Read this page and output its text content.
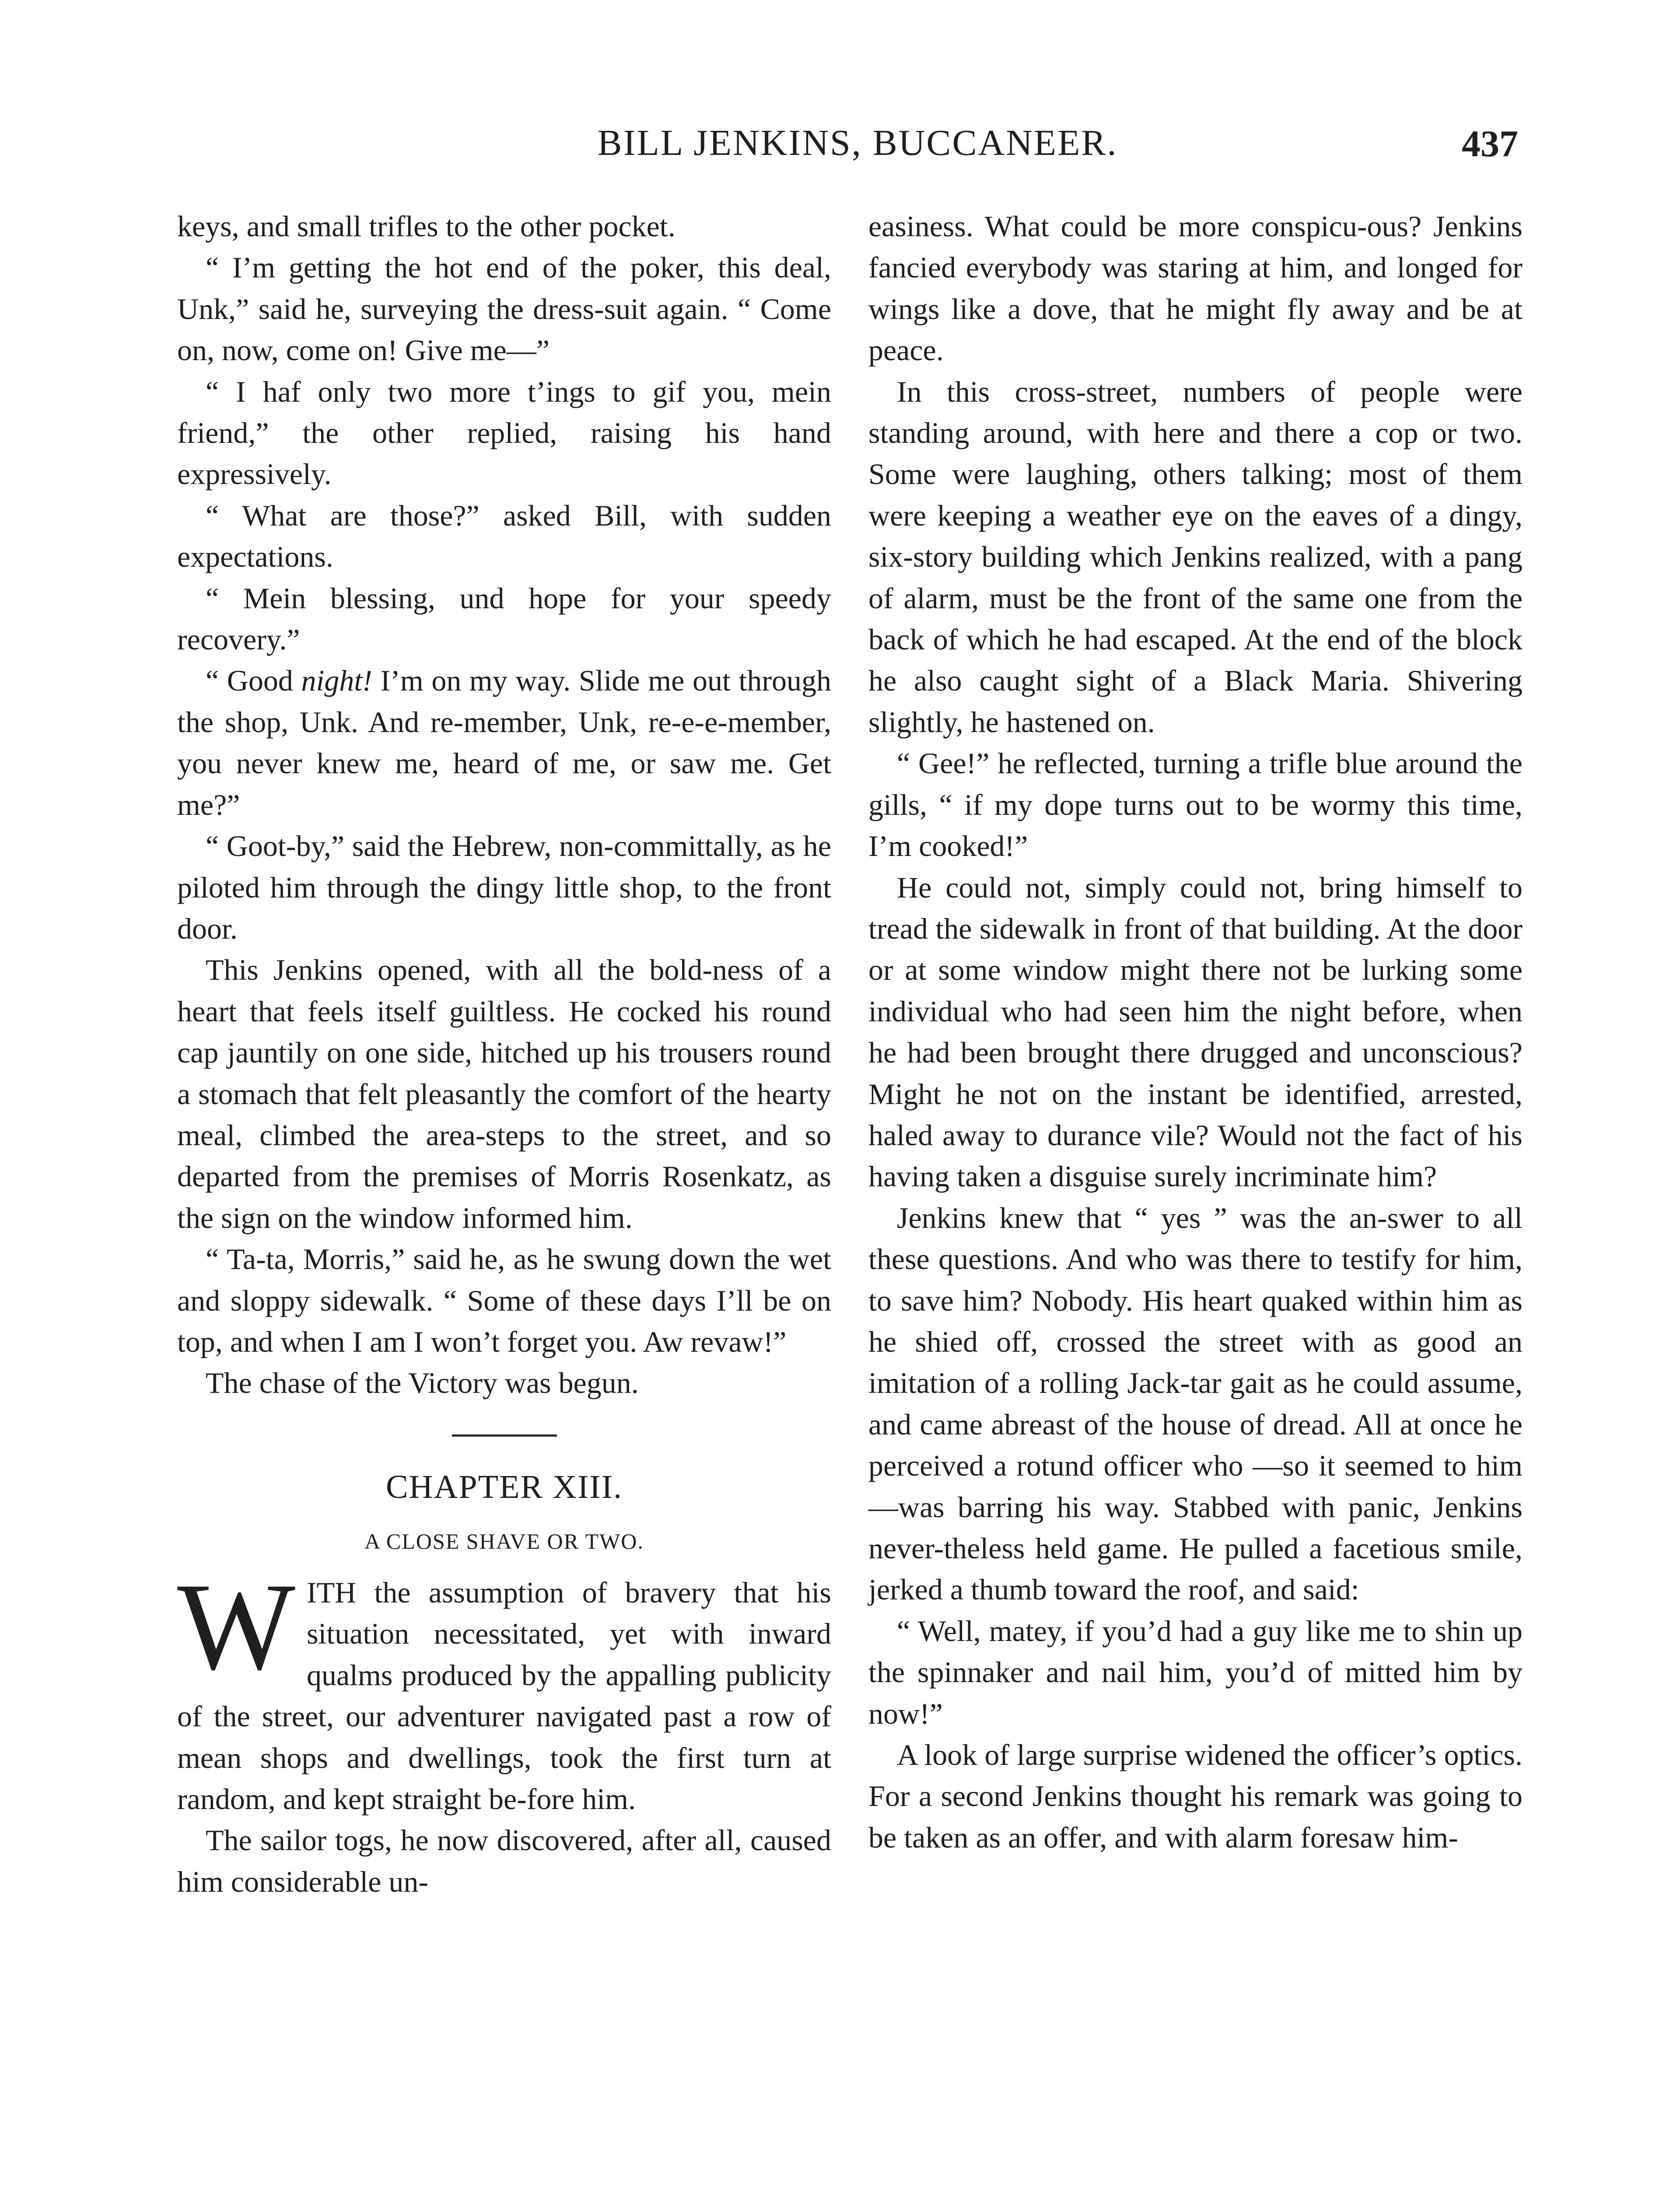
BILL JENKINS, BUCCANEER.	437

keys, and small trifles to the other pocket.

“ I’m getting the hot end of the poker, this deal, Unk,” said he, surveying the dress-suit again. “ Come on, now, come on! Give me—”

“ I haf only two more t’ings to gif you, mein friend,” the other replied, raising his hand expressively.

“ What are those?” asked Bill, with sudden expectations.

“ Mein blessing, und hope for your speedy recovery.”

“ Good night! I’m on my way. Slide me out through the shop, Unk. And re-member, Unk, re-e-e-member, you never knew me, heard of me, or saw me. Get me?”

“ Goot-by,” said the Hebrew, non-committally, as he piloted him through the dingy little shop, to the front door.

This Jenkins opened, with all the bold-ness of a heart that feels itself guiltless. He cocked his round cap jauntily on one side, hitched up his trousers round a stomach that felt pleasantly the comfort of the hearty meal, climbed the area-steps to the street, and so departed from the premises of Morris Rosenkatz, as the sign on the window informed him.

“ Ta-ta, Morris,” said he, as he swung down the wet and sloppy sidewalk. “ Some of these days I’ll be on top, and when I am I won’t forget you. Aw revaw!”

The chase of the Victory was begun.

CHAPTER XIII.
A CLOSE SHAVE OR TWO.

WITH the assumption of bravery that his situation necessitated, yet with inward qualms produced by the appalling publicity of the street, our adventurer navigated past a row of mean shops and dwellings, took the first turn at random, and kept straight be-fore him.

The sailor togs, he now discovered, after all, caused him considerable un-

easiness. What could be more conspicu-ous? Jenkins fancied everybody was staring at him, and longed for wings like a dove, that he might fly away and be at peace.

In this cross-street, numbers of people were standing around, with here and there a cop or two. Some were laughing, others talking; most of them were keeping a weather eye on the eaves of a dingy, six-story building which Jenkins realized, with a pang of alarm, must be the front of the same one from the back of which he had escaped. At the end of the block he also caught sight of a Black Maria. Shivering slightly, he hastened on.

“ Gee!” he reflected, turning a trifle blue around the gills, “ if my dope turns out to be wormy this time, I’m cooked!”

He could not, simply could not, bring himself to tread the sidewalk in front of that building. At the door or at some window might there not be lurking some individual who had seen him the night before, when he had been brought there drugged and unconscious? Might he not on the instant be identified, arrested, haled away to durance vile? Would not the fact of his having taken a disguise surely incriminate him?

Jenkins knew that “ yes ” was the an-swer to all these questions. And who was there to testify for him, to save him? Nobody. His heart quaked within him as he shied off, crossed the street with as good an imitation of a rolling Jack-tar gait as he could assume, and came abreast of the house of dread. All at once he perceived a rotund officer who —so it seemed to him—was barring his way. Stabbed with panic, Jenkins never-theless held game. He pulled a facetious smile, jerked a thumb toward the roof, and said:

“ Well, matey, if you’d had a guy like me to shin up the spinnaker and nail him, you’d of mitted him by now!”

A look of large surprise widened the officer’s optics. For a second Jenkins thought his remark was going to be taken as an offer, and with alarm foresaw him-
